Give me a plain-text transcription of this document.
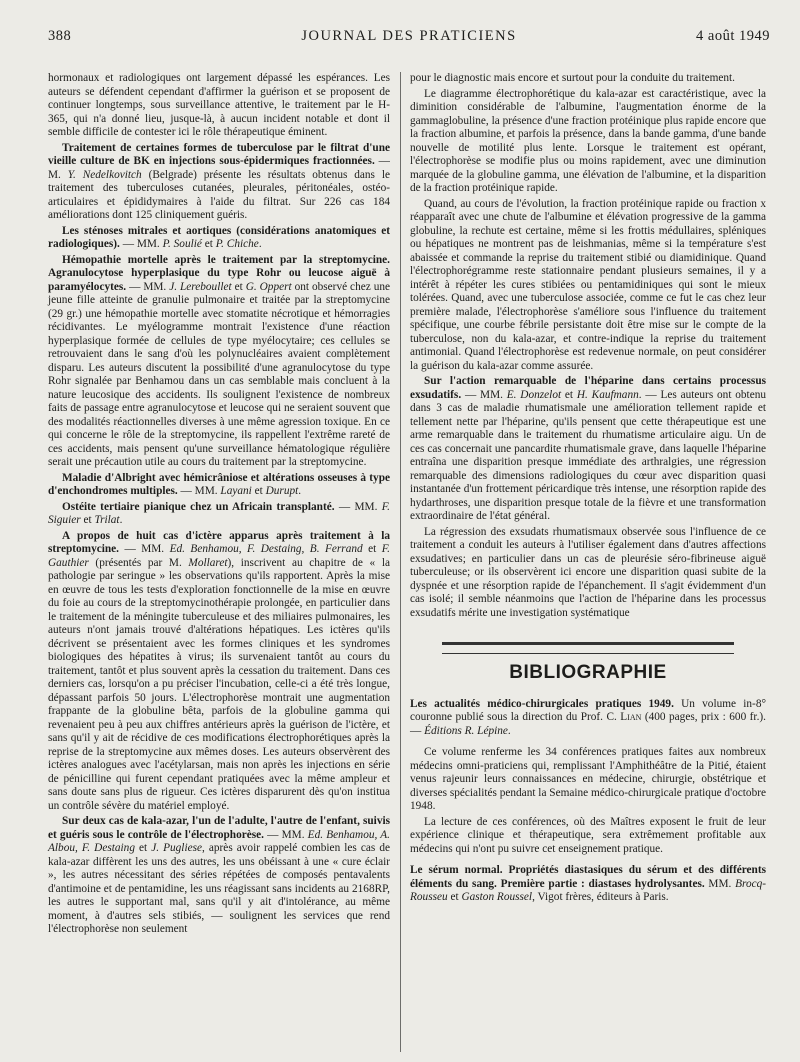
388	JOURNAL DES PRATICIENS	4 août 1949

hormonaux et radiologiques ont largement dépassé les espérances. Les auteurs se défendent cependant d'affirmer la guérison et se proposent de continuer longtemps, sous surveillance attentive, le traitement par le H-365, qui n'a donné lieu, jusque-là, à aucun incident notable et dont il semble difficile de contester ici le rôle thérapeutique éminent.

Traitement de certaines formes de tuberculose par le filtrat d'une vieille culture de BK en injections sous-épidermiques fractionnées. — M. Y. Nedelkovitch (Belgrade) présente les résultats obtenus dans le traitement des tuberculoses cutanées, pleurales, péritonéales, ostéo-articulaires et épididymaires à l'aide du filtrat. Sur 226 cas 184 améliorations dont 125 cliniquement guéris.

Les sténoses mitrales et aortiques (considérations anatomiques et radiologiques). — MM. P. Soulié et P. Chiche.

Hémopathie mortelle après le traitement par la streptomycine. Agranulocytose hyperplasique du type Rohr ou leucose aiguë à paramyélocytes. — MM. J. Lereboullet et G. Oppert ont observé chez une jeune fille atteinte de granulie pulmonaire et traitée par la streptomycine (29 gr.) une hémopathie mortelle avec stomatite nécrotique et hémorragies récidivantes. Le myélogramme montrait l'existence d'une réaction hyperplasique formée de cellules de type myélocytaire; ces cellules se retrouvaient dans le sang d'où les polynucléaires avaient complètement disparu. Les auteurs discutent la possibilité d'une agranulocytose du type Rohr signalée par Benhamou dans un cas semblable mais concluent à la nature leucosique des accidents. Ils soulignent l'existence de nombreux faits de passage entre agranulocytose et leucose qui ne seraient souvent que des modalités réactionnelles diverses à une même agression toxique. En ce qui concerne le rôle de la streptomycine, ils rappellent l'extrême rareté de ces accidents, mais pensent qu'une surveillance hématologique régulière serait une précaution utile au cours du traitement par la streptomycine.

Maladie d'Albright avec hémicrâniose et altérations osseuses à type d'enchondromes multiples. — MM. Layani et Durupt.

Ostéite tertiaire pianique chez un Africain transplanté. — MM. F. Siguier et Trilat.

A propos de huit cas d'ictère apparus après traitement à la streptomycine. — MM. Ed. Benhamou, F. Destaing, B. Ferrand et F. Gauthier (présentés par M. Mollaret), inscrivent au chapitre de « la pathologie par seringue » les observations qu'ils rapportent. Après la mise en œuvre de tous les tests d'exploration fonctionnelle de la mise en œuvre du foie au cours de la streptomycinothérapie prolongée, en particulier dans le traitement de la méningite tuberculeuse et des miliaires pulmonaires, les auteurs n'ont jamais trouvé d'altérations hépatiques. Les ictères qu'ils décrivent se présentaient avec les formes cliniques et les syndromes biologiques des hépatites à virus; ils survenaient tantôt au cours du traitement, tantôt et plus souvent après la cessation du traitement. Dans ces derniers cas, lorsqu'on a pu préciser l'incubation, celle-ci a été très longue, dépassant parfois 50 jours. L'électrophorèse montrait une augmentation frappante de la globuline bêta, parfois de la globuline gamma qui revenaient peu à peu aux chiffres antérieurs après la guérison de l'ictère, et sans qu'il y ait de récidive de ces modifications électrophorétiques après la reprise de la streptomycine aux mêmes doses. Les auteurs observèrent des ictères analogues avec l'acétylarsan, mais non après les injections en série de pénicilline qui furent cependant pratiquées avec la même ampleur et sans doute sans plus de rigueur. Ces ictères disparurent dès qu'on institua un contrôle sévère du matériel employé.

Sur deux cas de kala-azar, l'un de l'adulte, l'autre de l'enfant, suivis et guéris sous le contrôle de l'électrophorèse. — MM. Ed. Benhamou, A. Albou, F. Destaing et J. Pugliese, après avoir rappelé combien les cas de kala-azar diffèrent les uns des autres, les uns obéissant à une « cure éclair », les autres nécessitant des séries répétées de composés pentavalents d'antimoine et de pentamidine, les uns réagissant sans incidents au 2168RP, les autres le supportant mal, sans qu'il y ait d'intolérance, au même moment, à d'autres sels stibiés, — soulignent les services que rend l'électrophorèse non seulement

pour le diagnostic mais encore et surtout pour la conduite du traitement.

Le diagramme électrophorétique du kala-azar est caractéristique, avec la diminition considérable de l'albumine, l'augmentation énorme de la gammaglobuline, la présence d'une fraction protéinique plus rapide encore que la fraction albumine, et parfois la présence, dans la bande gamma, d'une bande nouvelle de motilité plus lente. Lorsque le traitement est opérant, l'électrophorèse se modifie plus ou moins rapidement, avec une diminution marquée de la globuline gamma, une élévation de l'albumine, et la disparition de la fraction protéinique rapide.

Quand, au cours de l'évolution, la fraction protéinique rapide ou fraction x réapparaît avec une chute de l'albumine et élévation progressive de la gamma globuline, la rechute est certaine, même si les frottis médullaires, spléniques ou hépatiques ne montrent pas de leishmanias, même si la température s'est abaissée et commande la reprise du traitement stibié ou diamidinique. Quand l'électrophorégramme reste stationnaire pendant plusieurs semaines, il y a intérêt à répéter les cures stibiées ou pentamidiniques qui sont le mieux tolérées. Quand, avec une tuberculose associée, comme ce fut le cas chez leur première malade, l'électrophorèse s'améliore sous l'influence du traitement spécifique, une courbe fébrile persistante doit être mise sur le compte de la tuberculose, non du kala-azar, et contre-indique la reprise du traitement antimonial. Quand l'électrophorèse est redevenue normale, on peut considérer la guérison du kala-azar comme assurée.

Sur l'action remarquable de l'héparine dans certains processus exsudatifs. — MM. E. Donzelot et H. Kaufmann. — Les auteurs ont obtenu dans 3 cas de maladie rhumatismale une amélioration tellement rapide et tellement nette par l'héparine, qu'ils pensent que cette thérapeutique est une arme remarquable dans le traitement du rhumatisme articulaire aigu. Un de ces cas concernait une pancardite rhumatismale grave, dans laquelle l'héparine entraîna une disparition presque immédiate des arthralgies, une régression remarquable des dimensions radiologiques du cœur avec disparition quasi instantanée d'un frottement péricardique très intense, une résorption rapide des hydarthroses, une disparition presque totale de la fièvre et une transformation extraordinaire de l'état général.

La régression des exsudats rhumatismaux observée sous l'influence de ce traitement a conduit les auteurs à l'utiliser également dans d'autres affections exsudatives; en particulier dans un cas de pleurésie séro-fibrineuse aiguë tuberculeuse; or ils observèrent ici encore une disparition quasi subite de la dyspnée et une résorption rapide de l'épanchement. Il s'agit évidemment d'un cas isolé; il semble néanmoins que l'action de l'héparine dans les processus exsudatifs mérite une investigation systématique

BIBLIOGRAPHIE

Les actualités médico-chirurgicales pratiques 1949. Un volume in-8° couronne publié sous la direction du Prof. C. Lian (400 pages, prix : 600 fr.). — Éditions R. Lépine.

Ce volume renferme les 34 conférences pratiques faites aux nombreux médecins omni-praticiens qui, remplissant l'Amphithéâtre de la Pitié, étaient venus rajeunir leurs connaissances en médecine, chirurgie, obstétrique et diverses spécialités pendant la Semaine médico-chirurgicale pratique d'octobre 1948.

La lecture de ces conférences, où des Maîtres exposent le fruit de leur expérience clinique et thérapeutique, sera extrêmement profitable aux médecins qui n'ont pu suivre cet enseignement pratique.

Le sérum normal. Propriétés diastasiques du sérum et des différents éléments du sang. Première partie : diastases hydrolysantes. MM. Brocq-Rousseu et Gaston Roussel, Vigot frères, éditeurs à Paris.
